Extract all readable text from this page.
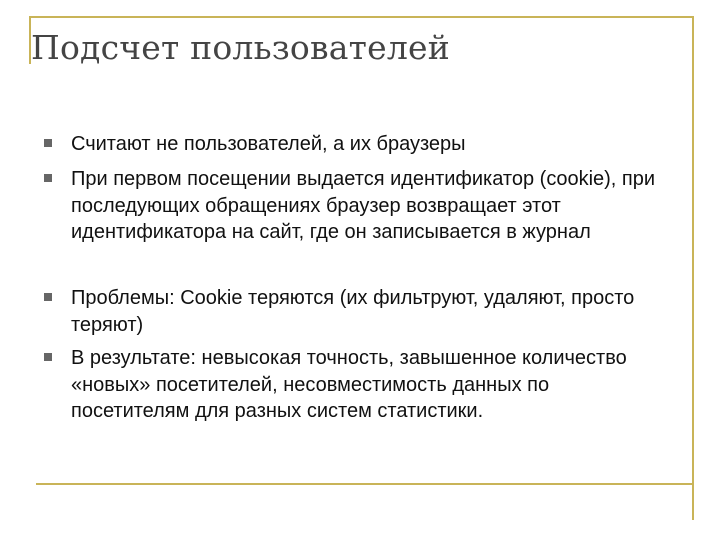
Подсчет пользователей
Считают не пользователей, а их браузеры
При первом посещении выдается идентификатор (cookie), при последующих обращениях браузер возвращает этот идентификатора на сайт, где он записывается в журнал
Проблемы: Cookie теряются (их фильтруют, удаляют, просто теряют)
В результате: невысокая точность, завышенное количество «новых» посетителей, несовместимость данных по посетителям для разных систем статистики.
